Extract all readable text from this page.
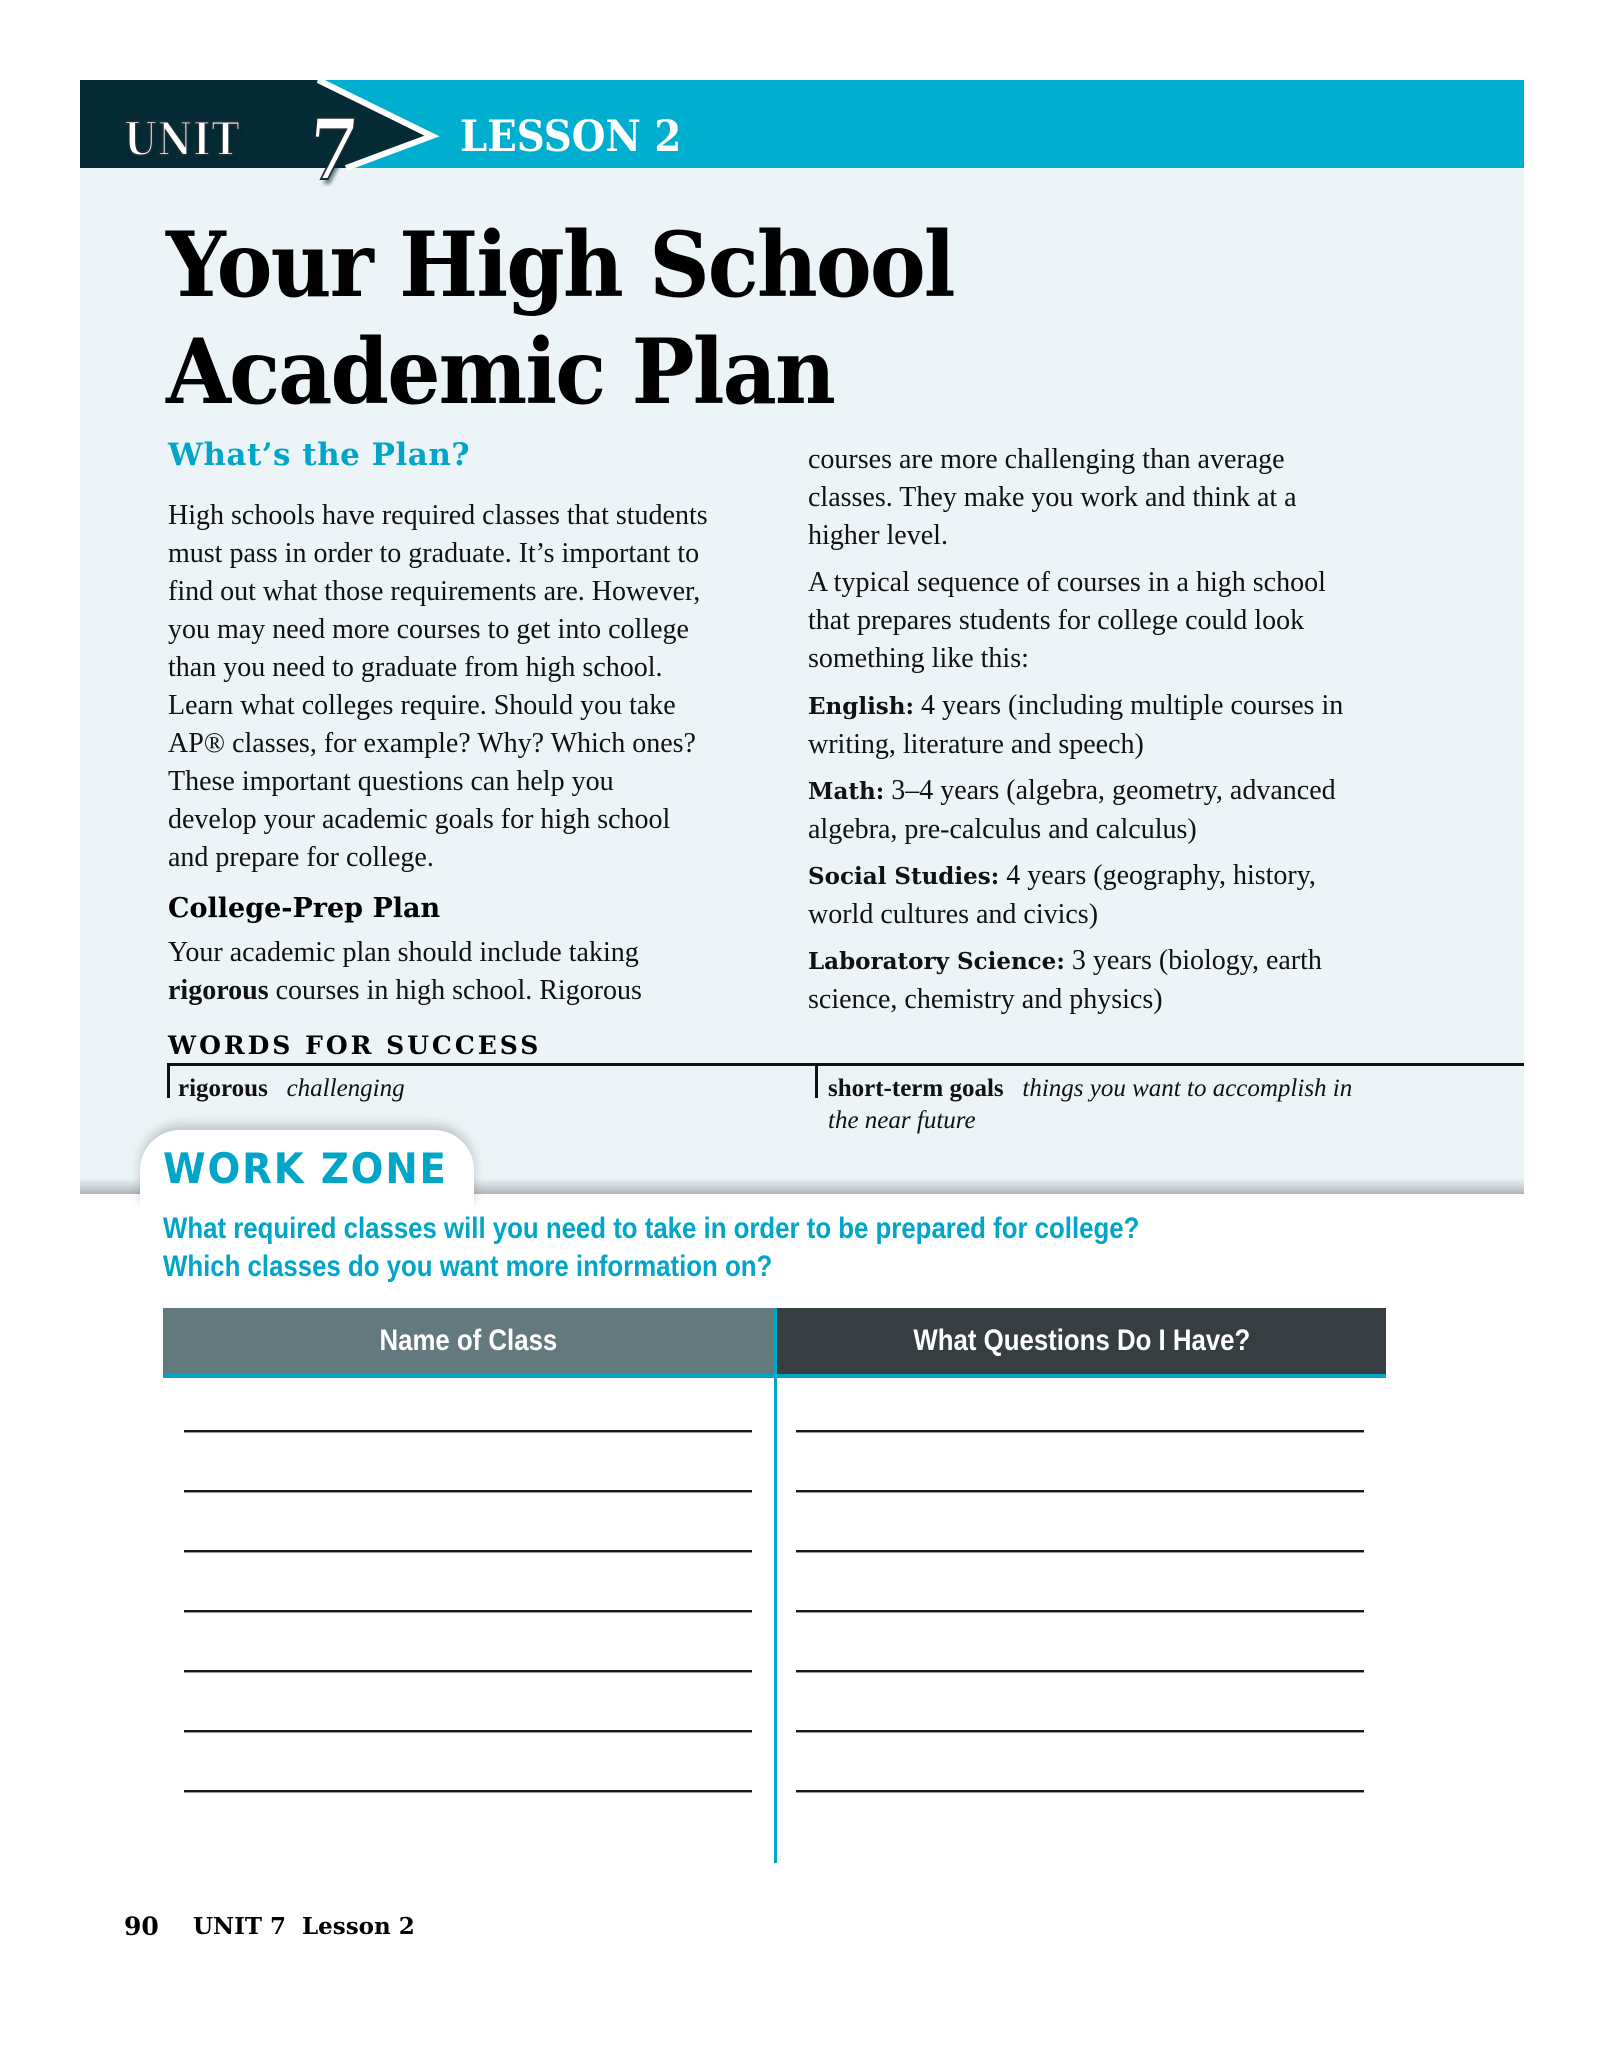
UNIT 7 LESSON 2
Your High School
Academic Plan
What’s the Plan?
High schools have required classes that students
must pass in order to graduate. It’s important to
find out what those requirements are. However,
you may need more courses to get into college
than you need to graduate from high school.
Learn what colleges require. Should you take
AP® classes, for example? Why? Which ones?
These important questions can help you
develop your academic goals for high school
and prepare for college.
College-Prep Plan
Your academic plan should include taking
rigorous courses in high school. Rigorous
courses are more challenging than average
classes. They make you work and think at a
higher level.
A typical sequence of courses in a high school
that prepares students for college could look
something like this:
English: 4 years (including multiple courses in
writing, literature and speech)
Math: 3–4 years (algebra, geometry, advanced
algebra, pre-calculus and calculus)
Social Studies: 4 years (geography, history,
world cultures and civics)
Laboratory Science: 3 years (biology, earth
science, chemistry and physics)
WORDS FOR SUCCESS
rigorous challenging	short-term goals things you want to accomplish in
the near future
WORK ZONE
What required classes will you need to take in order to be prepared for college?
Which classes do you want more information on?
Name of Class	What Questions Do I Have?
90 UNIT 7  Lesson 2
